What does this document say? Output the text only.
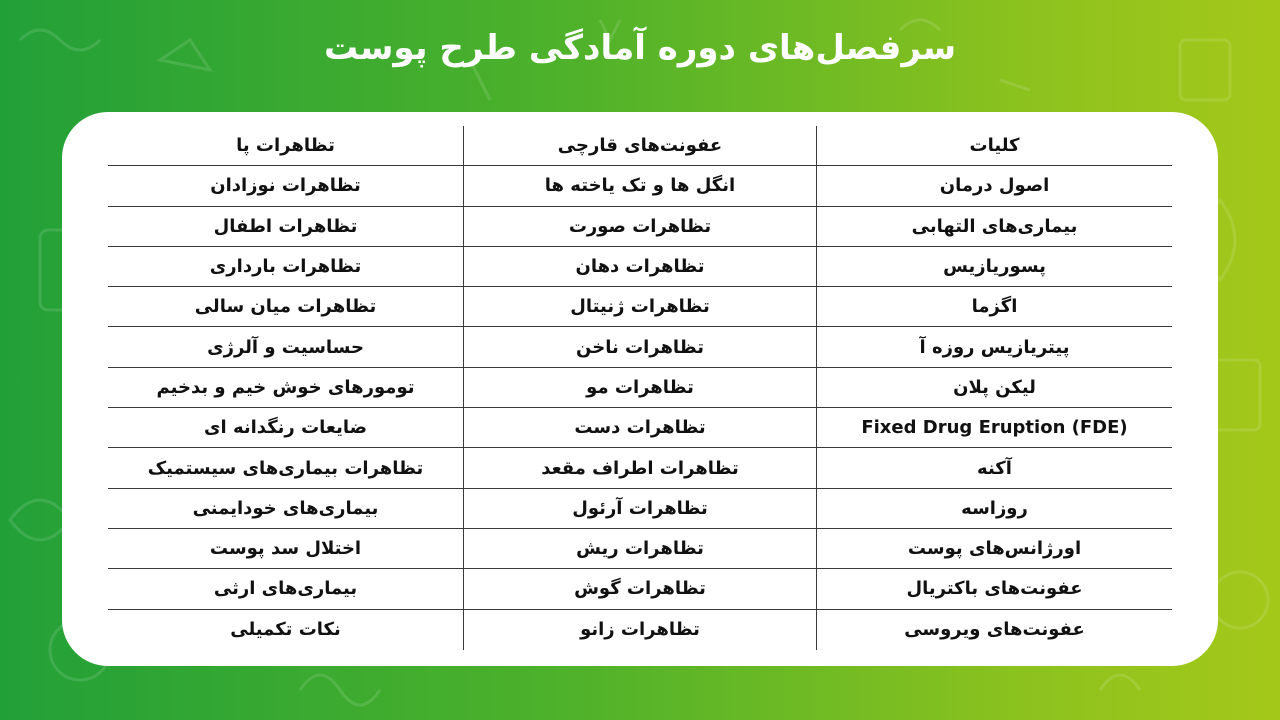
سرفصل‌های دوره آمادگی طرح پوست
کلیات
عفونت‌های قارچی
تظاهرات پا
اصول درمان
انگل ها و تک یاخته ها
تظاهرات نوزادان
بیماری‌های التهابی
تظاهرات صورت
تظاهرات اطفال
پسوریازیس
تظاهرات دهان
تظاهرات بارداری
اگزما
تظاهرات ژنیتال
تظاهرات میان سالی
پیتریازیس روزه آ
تظاهرات ناخن
حساسیت و آلرژی
لیکن پلان
تظاهرات مو
تومورهای خوش خیم و بدخیم
Fixed Drug Eruption (FDE)
تظاهرات دست
ضایعات رنگدانه ای
آکنه
تظاهرات اطراف مقعد
تظاهرات بیماری‌های سیستمیک
روزاسه
تظاهرات آرئول
بیماری‌های خودایمنی
اورژانس‌های پوست
تظاهرات ریش
اختلال سد پوست
عفونت‌های باکتریال
تظاهرات گوش
بیماری‌های ارثی
عفونت‌های ویروسی
تظاهرات زانو
نکات تکمیلی
